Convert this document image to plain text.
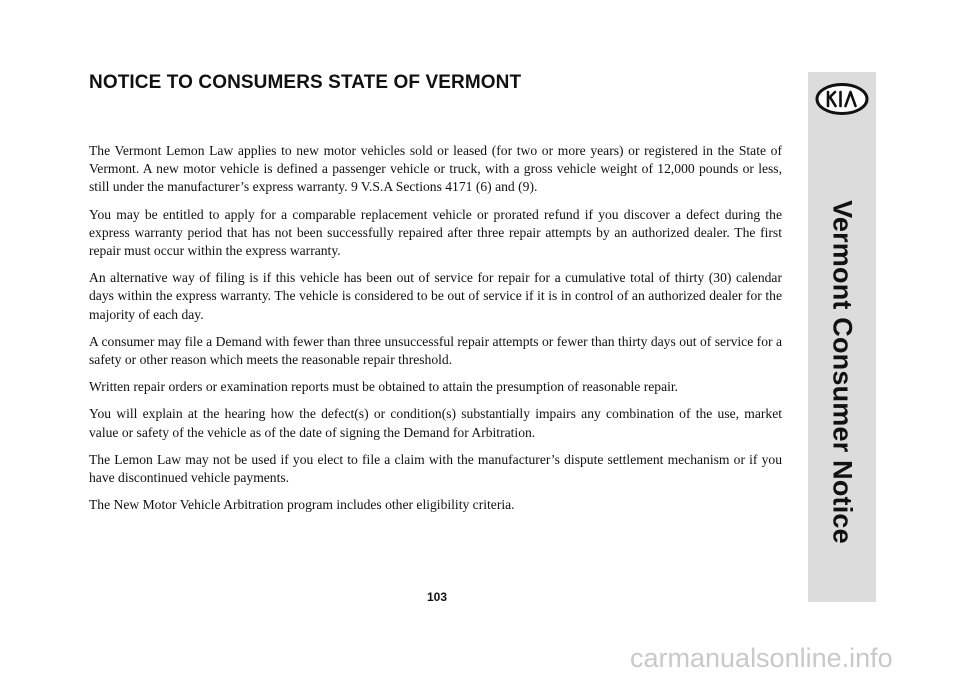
NOTICE TO CONSUMERS STATE OF VERMONT

The Vermont Lemon Law applies to new motor vehicles sold or leased (for two or more years) or registered in the State of Vermont. A new motor vehicle is defined a passenger vehicle or truck, with a gross vehicle weight of 12,000 pounds or less, still under the manufacturer’s express warranty. 9 V.S.A Sections 4171 (6) and (9).

You may be entitled to apply for a comparable replacement vehicle or prorated refund if you discover a defect during the express warranty period that has not been successfully repaired after three repair attempts by an authorized dealer. The first repair must occur within the express warranty.

An alternative way of filing is if this vehicle has been out of service for repair for a cumulative total of thirty (30) calendar days within the express warranty. The vehicle is considered to be out of service if it is in control of an authorized dealer for the majority of each day.

A consumer may file a Demand with fewer than three unsuccessful repair attempts or fewer than thirty days out of service for a safety or other reason which meets the reasonable repair threshold.

Written repair orders or examination reports must be obtained to attain the presumption of reasonable repair.

You will explain at the hearing how the defect(s) or condition(s) substantially impairs any combination of the use, market value or safety of the vehicle as of the date of signing the Demand for Arbitration.

The Lemon Law may not be used if you elect to file a claim with the manufacturer’s dispute settlement mechanism or if you have discontinued vehicle payments.

The New Motor Vehicle Arbitration program includes other eligibility criteria.

103
Vermont Consumer Notice
carmanualsonline.info
